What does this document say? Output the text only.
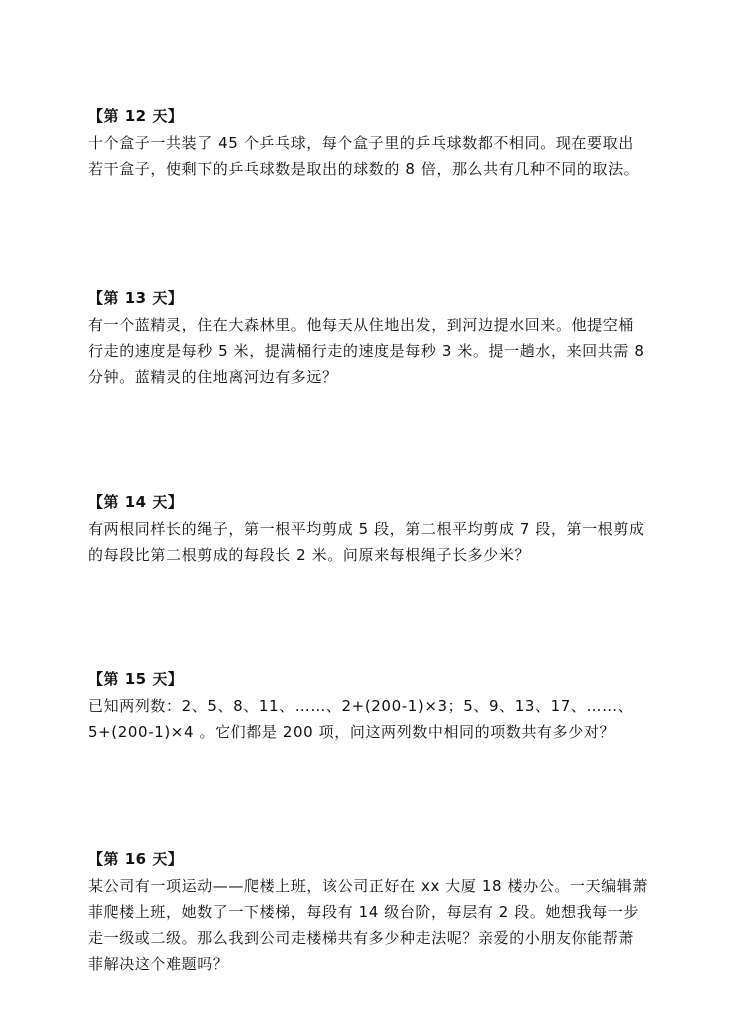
【第 12 天】

十个盒子一共装了 45 个乒乓球，每个盒子里的乒乓球数都不相同。现在要取出

若干盒子，使剩下的乒乓球数是取出的球数的 8 倍，那么共有几种不同的取法。

【第 13 天】

有一个蓝精灵，住在大森林里。他每天从住地出发，到河边提水回来。他提空桶

行走的速度是每秒 5 米，提满桶行走的速度是每秒 3 米。提一趟水，来回共需 8

分钟。蓝精灵的住地离河边有多远？

【第 14 天】

有两根同样长的绳子，第一根平均剪成 5 段，第二根平均剪成 7 段，第一根剪成

的每段比第二根剪成的每段长 2 米。问原来每根绳子长多少米？

【第 15 天】

已知两列数：2、5、8、11、……、2+(200-1)×3；5、9、13、17、……、

5+(200-1)×4 。它们都是 200 项，问这两列数中相同的项数共有多少对？

【第 16 天】

某公司有一项运动——爬楼上班，该公司正好在 xx 大厦 18 楼办公。一天编辑萧

菲爬楼上班，她数了一下楼梯，每段有 14 级台阶，每层有 2 段。她想我每一步

走一级或二级。那么我到公司走楼梯共有多少种走法呢？亲爱的小朋友你能帮萧

菲解决这个难题吗？
